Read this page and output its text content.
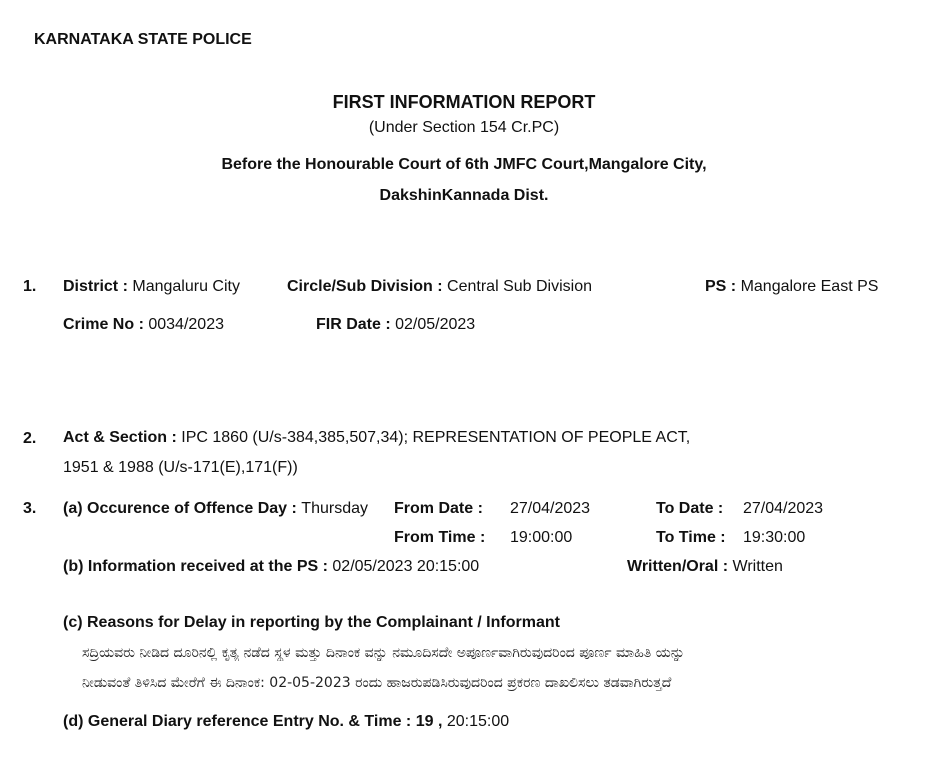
KARNATAKA STATE POLICE
FIRST INFORMATION REPORT
(Under Section 154 Cr.PC)
Before the Honourable Court of 6th JMFC Court,Mangalore City,
DakshinKannada Dist.
1. District : Mangaluru City	Circle/Sub Division : Central Sub Division	PS : Mangalore East PS
Crime No : 0034/2023	FIR Date : 02/05/2023
2. Act & Section : IPC 1860 (U/s-384,385,507,34); REPRESENTATION OF PEOPLE ACT,
1951 & 1988 (U/s-171(E),171(F))
3. (a) Occurence of Offence Day : Thursday From Date : 27/04/2023	To Date : 27/04/2023
From Time : 19:00:00	To Time : 19:30:00
(b) Information received at the PS : 02/05/2023 20:15:00	Written/Oral : Written
(c) Reasons for Delay in reporting by the Complainant / Informant
ಸದ್ರಿಯವರು ನೀಡಿದ ದೂರಿನಲ್ಲಿ ಕೃತ್ಯ ನಡೆದ ಸ್ಥಳ ಮತ್ತು ದಿನಾಂಕ ವನ್ನು ನಮೂದಿಸದೇ ಅಪೂರ್ಣವಾಗಿರುವುದರಿಂದ ಪೂರ್ಣ ಮಾಹಿತಿ ಯನ್ನು
ನೀಡುವಂತೆ ತಿಳಿಸಿದ ಮೇರೆಗೆ ಈ ದಿನಾಂಕ: 02-05-2023 ರಂದು ಹಾಜರುಪಡಿಸಿರುವುದರಿಂದ ಪ್ರಕರಣ ದಾಖಲಿಸಲು ತಡವಾಗಿರುತ್ತದೆ
(d) General Diary reference Entry No. & Time : 19 , 20:15:00
